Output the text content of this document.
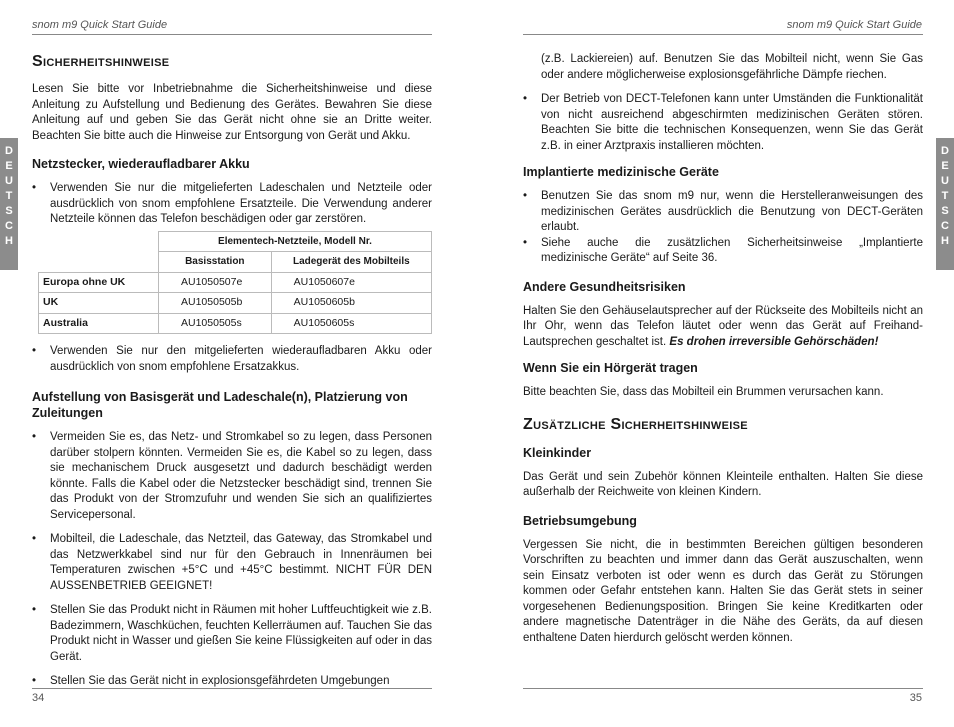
snom m9 Quick Start Guide
D
E
U
T
S
C
H
Sicherheitshinweise

Lesen Sie bitte vor Inbetriebnahme die Sicherheitshinweise und diese Anleitung zu Aufstellung und Bedienung des Gerätes. Bewahren Sie diese Anleitung auf und geben Sie das Gerät nicht ohne sie an Dritte weiter. Beachten Sie bitte auch die Hinweise zur Entsorgung von Gerät und Akku.

Netzstecker, wiederaufladbarer Akku
• Verwenden Sie nur die mitgelieferten Ladeschalen und Netzteile oder ausdrücklich von snom empfohlene Ersatzteile. Die Verwendung anderer Netzteile können das Telefon beschädigen oder gar zerstören.
	Elementech-Netzteile, Modell Nr.	
	Basisstation	Ladegerät des Mobilteils
Europa ohne UK	AU1050507e	AU1050607e
UK	AU1050505b	AU1050605b
Australia	AU1050505s	AU1050605s
• Verwenden Sie nur den mitgelieferten wiederaufladbaren Akku oder ausdrücklich von snom empfohlene Ersatzakkus.
Aufstellung von Basisgerät und Ladeschale(n), Platzierung von Zuleitungen
• Vermeiden Sie es, das Netz- und Stromkabel so zu legen, dass Personen darüber stolpern könnten. Vermeiden Sie es, die Kabel so zu legen, dass sie mechanischem Druck ausgesetzt und dadurch beschädigt werden könnte. Falls die Kabel oder die Netzstecker beschädigt sind, trennen Sie das Produkt von der Stromzufuhr und wenden Sie sich an qualifiziertes Servicepersonal.
• Mobilteil, die Ladeschale, das Netzteil, das Gateway, das Stromkabel und das Netzwerkkabel sind nur für den Gebrauch in Innenräumen bei Temperaturen zwischen +5°C und +45°C bestimmt. NICHT FÜR DEN AUSSENBETRIEB GEEIGNET!
• Stellen Sie das Produkt nicht in Räumen mit hoher Luftfeuchtigkeit wie z.B. Badezimmern, Waschküchen, feuchten Kellerräumen auf. Tauchen Sie das Produkt nicht in Wasser und gießen Sie keine Flüssigkeiten auf oder in das Gerät.
• Stellen Sie das Gerät nicht in explosionsgefährdeten Umgebungen
34
snom m9 Quick Start Guide
D
E
U
T
S
C
H

(z.B. Lackiereien) auf. Benutzen Sie das Mobilteil nicht, wenn Sie Gas oder andere möglicherweise explosionsgefährliche Dämpfe riechen.

• Der Betrieb von DECT-Telefonen kann unter Umständen die Funktionalität von nicht ausreichend abgeschirmten medizinischen Geräten stören. Beachten Sie bitte die technischen Konsequenzen, wenn Sie das Gerät z.B. in einer Arztpraxis installieren möchten.
Implantierte medizinische Geräte
• Benutzen Sie das snom m9 nur, wenn die Herstelleranweisungen des medizinischen Gerätes ausdrücklich die Benutzung von DECT-Geräten erlaubt.
• Siehe auche die zusätzlichen Sicherheitsinweise „Implantierte medizinische Geräte“ auf Seite 36.
Andere Gesundheitsrisiken

Halten Sie den Gehäuselautsprecher auf der Rückseite des Mobilteils nicht an Ihr Ohr, wenn das Telefon läutet oder wenn das Gerät auf Freihand-Lautsprechen geschaltet ist. Es drohen irreversible Gehörschäden!

Wenn Sie ein Hörgerät tragen

Bitte beachten Sie, dass das Mobilteil ein Brummen verursachen kann.

Zusätzliche Sicherheitshinweise
Kleinkinder

Das Gerät und sein Zubehör können Kleinteile enthalten. Halten Sie diese außerhalb der Reichweite von kleinen Kindern.

Betriebsumgebung

Vergessen Sie nicht, die in bestimmten Bereichen gültigen besonderen Vorschriften zu beachten und immer dann das Gerät auszuschalten, wenn sein Einsatz verboten ist oder wenn es durch das Gerät zu Störungen kommen oder Gefahr entstehen kann. Halten Sie das Gerät stets in seiner vorgesehenen Bedienungsposition. Bringen Sie keine Kreditkarten oder andere magnetische Datenträger in die Nähe des Geräts, da auf diesen enthaltene Daten hierdurch gelöscht werden können.

35
